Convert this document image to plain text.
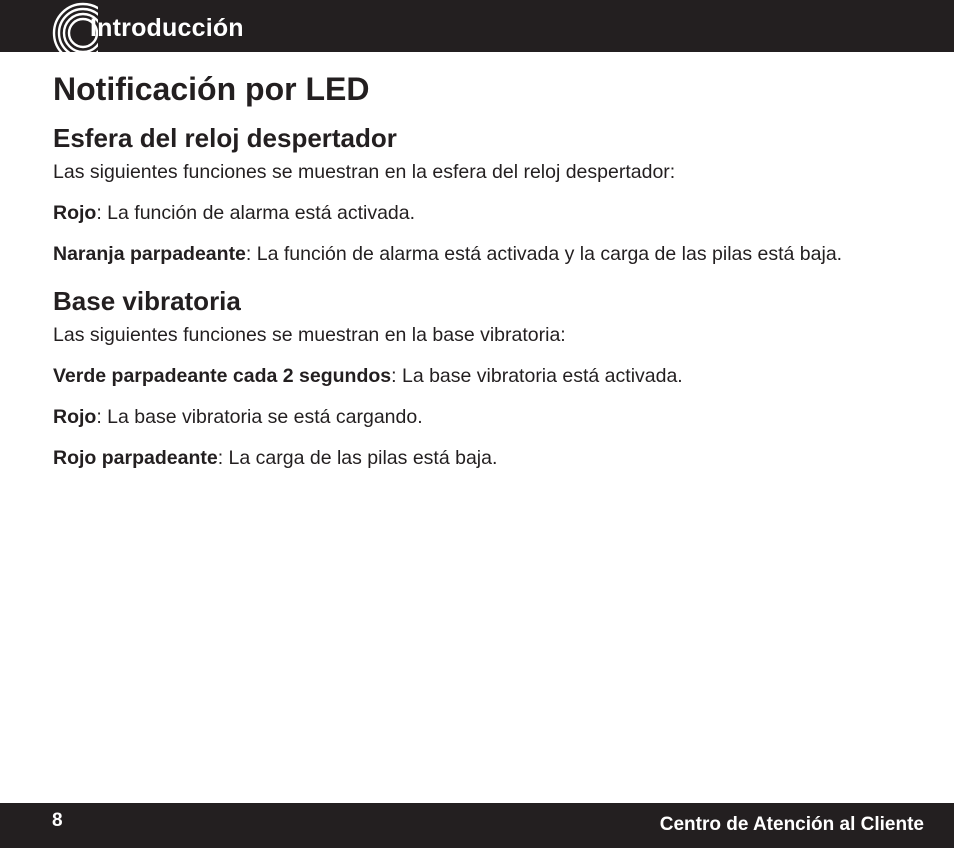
Introducción
Notificación por LED
Esfera del reloj despertador

Las siguientes funciones se muestran en la esfera del reloj despertador:

Rojo: La función de alarma está activada.

Naranja parpadeante: La función de alarma está activada y la carga de las pilas está baja.

Base vibratoria

Las siguientes funciones se muestran en la base vibratoria:

Verde parpadeante cada 2 segundos: La base vibratoria está activada.

Rojo: La base vibratoria se está cargando.

Rojo parpadeante: La carga de las pilas está baja.

8	Centro de Atención al Cliente
